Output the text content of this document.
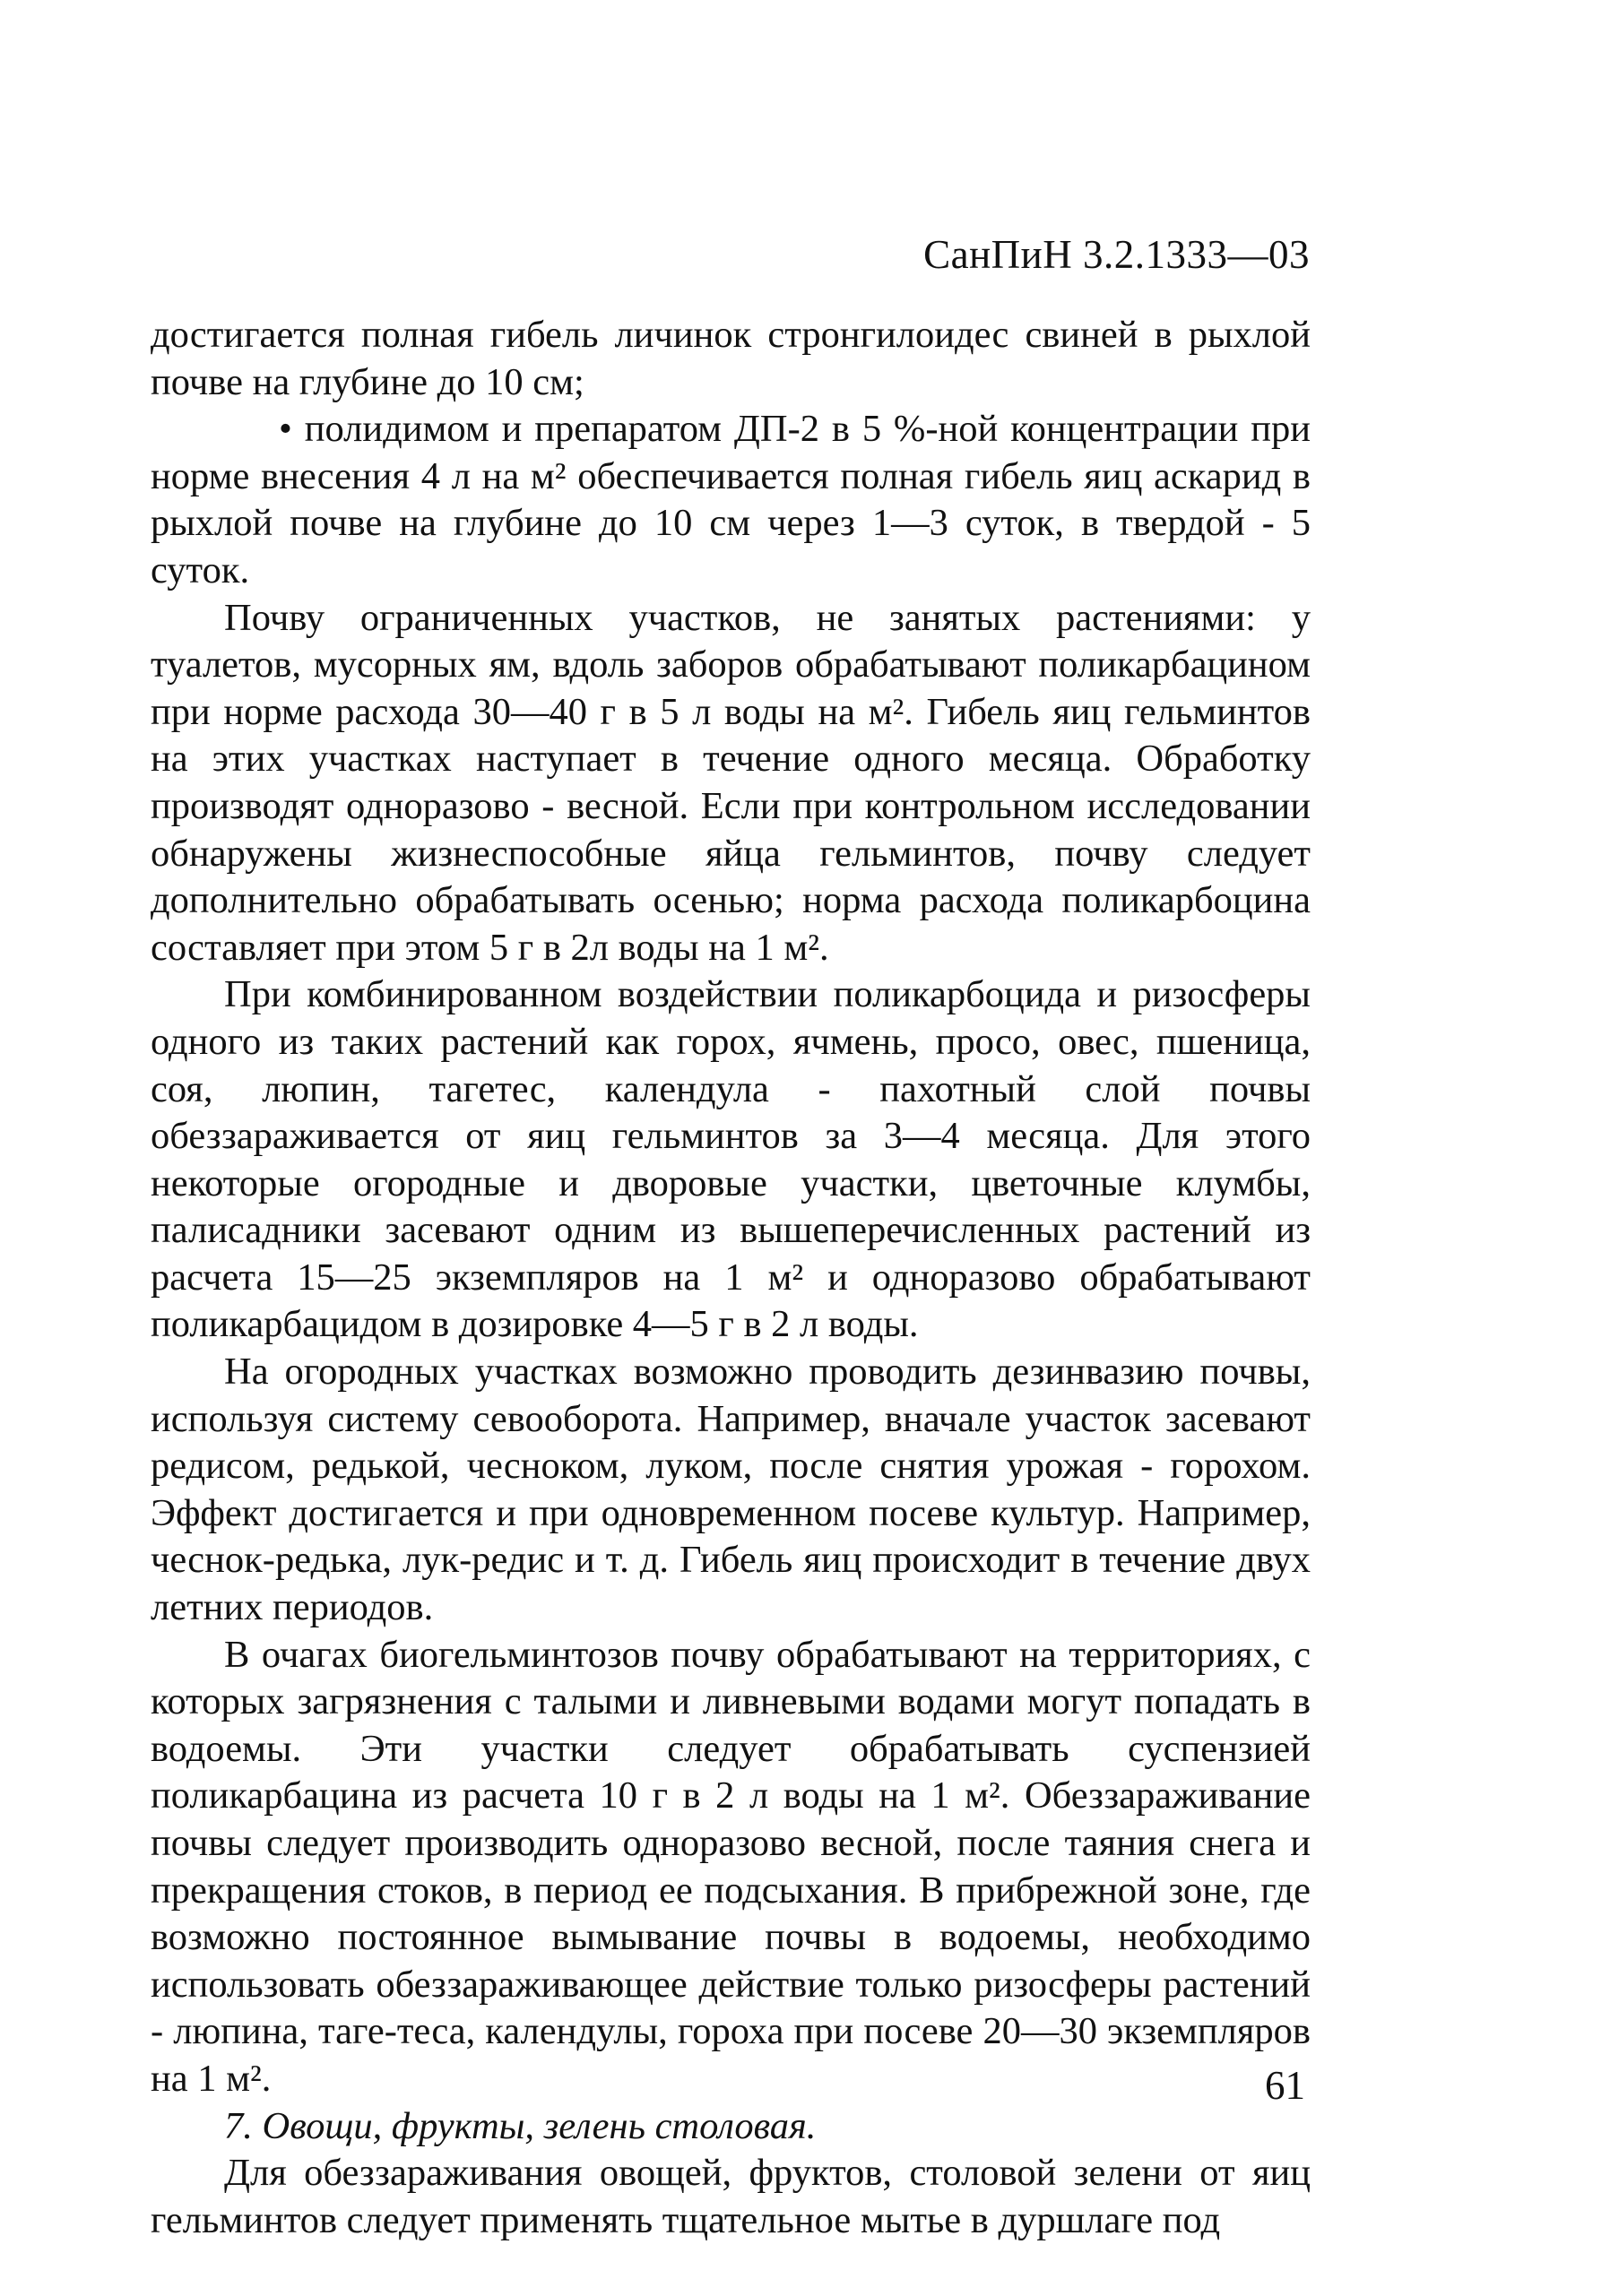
СанПиН 3.2.1333—03

достигается полная гибель личинок стронгилоидес свиней в рыхлой почве на глубине до 10 см;

• полидимом и препаратом ДП-2 в 5 %-ной концентрации при норме внесения 4 л на м² обеспечивается полная гибель яиц аскарид в рыхлой почве на глубине до 10 см через 1—3 суток, в твердой - 5 суток.

Почву ограниченных участков, не занятых растениями: у туалетов, мусорных ям, вдоль заборов обрабатывают поликарбацином при норме расхода 30—40 г в 5 л воды на м². Гибель яиц гельминтов на этих участках наступает в течение одного месяца. Обработку производят одноразово - весной. Если при контрольном исследовании обнаружены жизнеспособные яйца гельминтов, почву следует дополнительно обрабатывать осенью; норма расхода поликарбоцина составляет при этом 5 г в 2л воды на 1 м².

При комбинированном воздействии поликарбоцида и ризосферы одного из таких растений как горох, ячмень, просо, овес, пшеница, соя, люпин, тагетес, календула - пахотный слой почвы обеззараживается от яиц гельминтов за 3—4 месяца. Для этого некоторые огородные и дворовые участки, цветочные клумбы, палисадники засевают одним из вышеперечисленных растений из расчета 15—25 экземпляров на 1 м² и одноразово обрабатывают поликарбацидом в дозировке 4—5 г в 2 л воды.

На огородных участках возможно проводить дезинвазию почвы, используя систему севооборота. Например, вначале участок засевают редисом, редькой, чесноком, луком, после снятия урожая - горохом. Эффект достигается и при одновременном посеве культур. Например, чеснок-редька, лук-редис и т. д. Гибель яиц происходит в течение двух летних периодов.

В очагах биогельминтозов почву обрабатывают на территориях, с которых загрязнения с талыми и ливневыми водами могут попадать в водоемы. Эти участки следует обрабатывать суспензией поликарбацина из расчета 10 г в 2 л воды на 1 м². Обеззараживание почвы следует производить одноразово весной, после таяния снега и прекращения стоков, в период ее подсыхания. В прибрежной зоне, где возможно постоянное вымывание почвы в водоемы, необходимо использовать обеззараживающее действие только ризосферы растений - люпина, таге-теса, календулы, гороха при посеве 20—30 экземпляров на 1 м².

7. Овощи, фрукты, зелень столовая.

Для обеззараживания овощей, фруктов, столовой зелени от яиц гельминтов следует применять тщательное мытье в дуршлаге под

61
